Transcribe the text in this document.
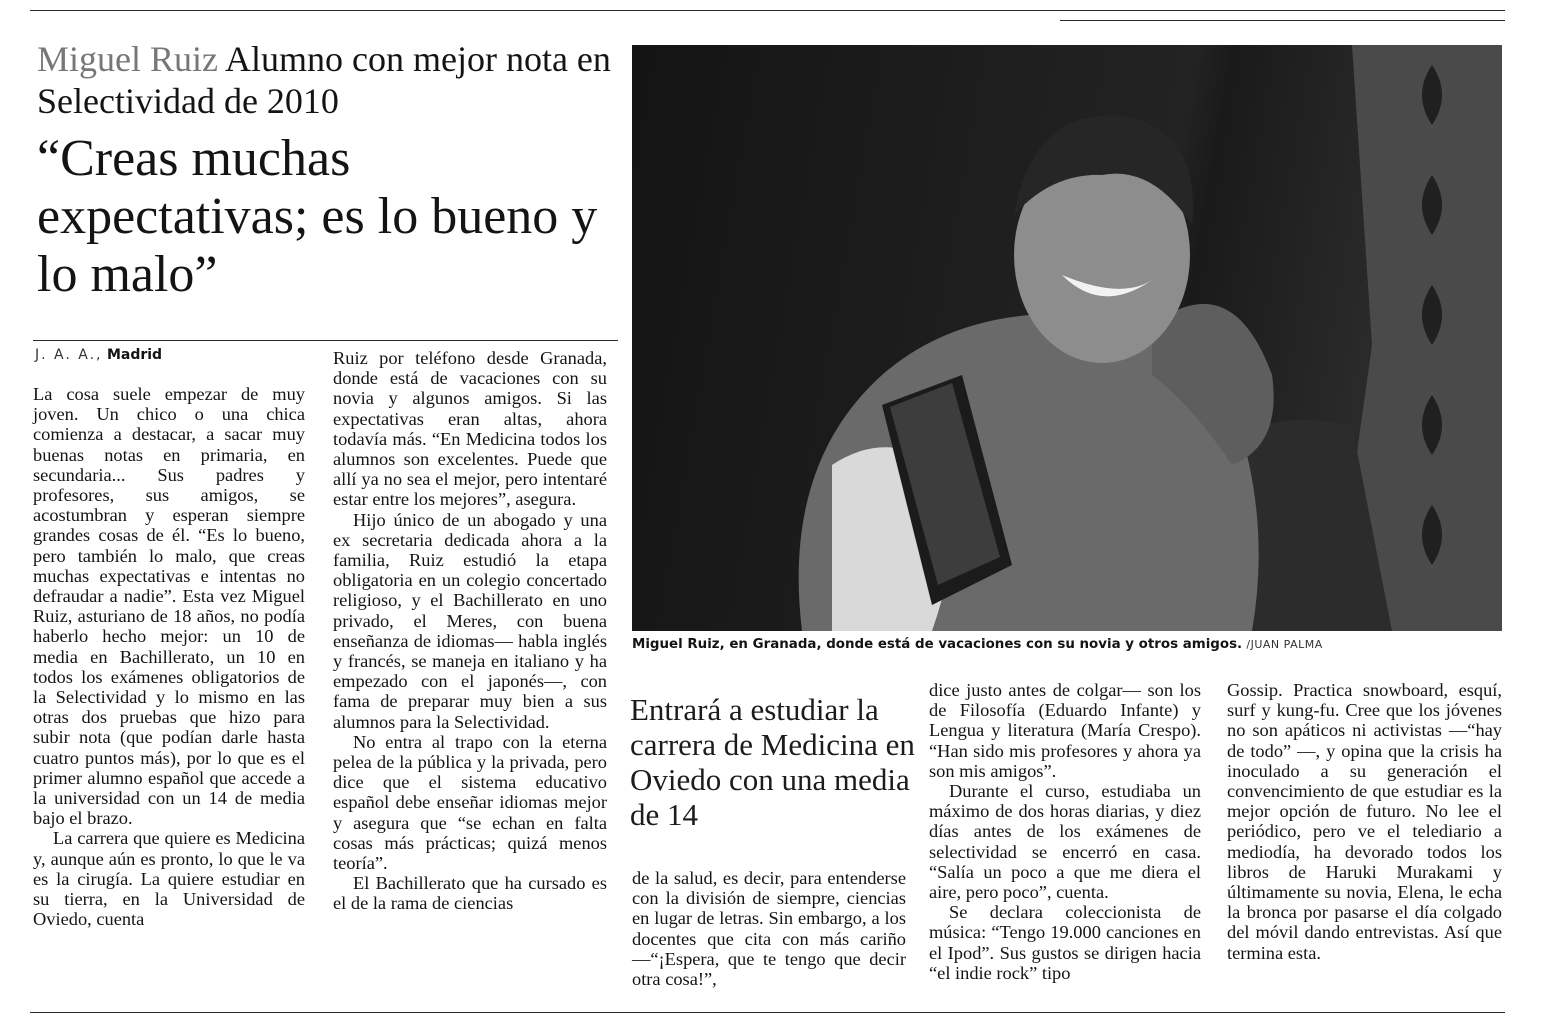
Miguel Ruiz Alumno con mejor nota en Selectividad de 2010
“Creas muchas expectativas; es lo bueno y lo malo”
J. A. A., Madrid

La cosa suele empezar de muy joven. Un chico o una chica comienza a destacar, a sacar muy buenas notas en primaria, en secundaria... Sus padres y profesores, sus amigos, se acostumbran y esperan siempre grandes cosas de él. “Es lo bueno, pero también lo malo, que creas muchas expectativas e intentas no defraudar a nadie”. Esta vez Miguel Ruiz, asturiano de 18 años, no podía haberlo hecho mejor: un 10 de media en Bachillerato, un 10 en todos los exámenes obligatorios de la Selectividad y lo mismo en las otras dos pruebas que hizo para subir nota (que podían darle hasta cuatro puntos más), por lo que es el primer alumno español que accede a la universidad con un 14 de media bajo el brazo.

La carrera que quiere es Medicina y, aunque aún es pronto, lo que le va es la cirugía. La quiere estudiar en su tierra, en la Universidad de Oviedo, cuenta

Ruiz por teléfono desde Granada, donde está de vacaciones con su novia y algunos amigos. Si las expectativas eran altas, ahora todavía más. “En Medicina todos los alumnos son excelentes. Puede que allí ya no sea el mejor, pero intentaré estar entre los mejores”, asegura.

Hijo único de un abogado y una ex secretaria dedicada ahora a la familia, Ruiz estudió la etapa obligatoria en un colegio concertado religioso, y el Bachillerato en uno privado, el Meres, con buena enseñanza de idiomas— habla inglés y francés, se maneja en italiano y ha empezado con el japonés—, con fama de preparar muy bien a sus alumnos para la Selectividad.

No entra al trapo con la eterna pelea de la pública y la privada, pero dice que el sistema educativo español debe enseñar idiomas mejor y asegura que “se echan en falta cosas más prácticas; quizá menos teoría”.

El Bachillerato que ha cursado es el de la rama de ciencias

Miguel Ruiz, en Granada, donde está de vacaciones con su novia y otros amigos. /JUAN PALMA
Entrará a estudiar la carrera de Medicina en Oviedo con una media de 14

de la salud, es decir, para entenderse con la división de siempre, ciencias en lugar de letras. Sin embargo, a los docentes que cita con más cariño —“¡Espera, que te tengo que decir otra cosa!”,

dice justo antes de colgar— son los de Filosofía (Eduardo Infante) y Lengua y literatura (María Crespo). “Han sido mis profesores y ahora ya son mis amigos”.

Durante el curso, estudiaba un máximo de dos horas diarias, y diez días antes de los exámenes de selectividad se encerró en casa. “Salía un poco a que me diera el aire, pero poco”, cuenta.

Se declara coleccionista de música: “Tengo 19.000 canciones en el Ipod”. Sus gustos se dirigen hacia “el indie rock” tipo

Gossip. Practica snowboard, esquí, surf y kung-fu. Cree que los jóvenes no son apáticos ni activistas —“hay de todo” —, y opina que la crisis ha inoculado a su generación el convencimiento de que estudiar es la mejor opción de futuro. No lee el periódico, pero ve el telediario a mediodía, ha devorado todos los libros de Haruki Murakami y últimamente su novia, Elena, le echa la bronca por pasarse el día colgado del móvil dando entrevistas. Así que termina esta.
